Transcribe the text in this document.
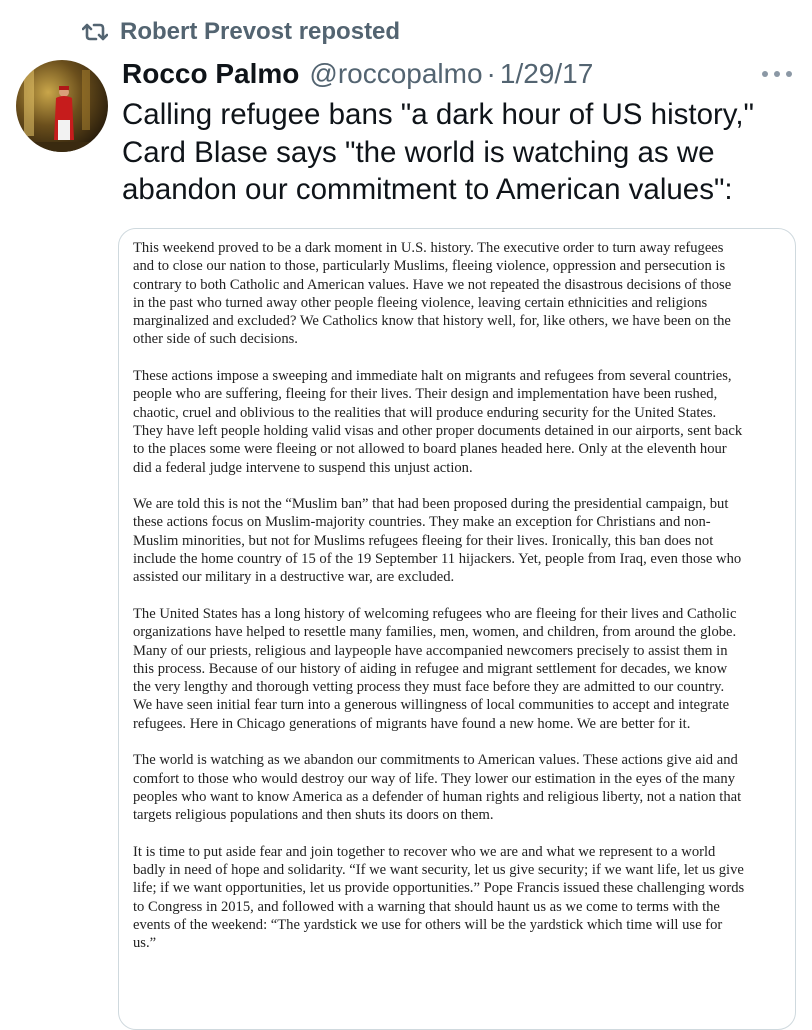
Robert Prevost reposted
Rocco Palmo @roccopalmo · 1/29/17
Calling refugee bans "a dark hour of US history,"
Card Blase says "the world is watching as we
abandon our commitment to American values":

This weekend proved to be a dark moment in U.S. history. The executive order to turn away refugees
and to close our nation to those, particularly Muslims, fleeing violence, oppression and persecution is
contrary to both Catholic and American values. Have we not repeated the disastrous decisions of those
in the past who turned away other people fleeing violence, leaving certain ethnicities and religions
marginalized and excluded? We Catholics know that history well, for, like others, we have been on the
other side of such decisions.

These actions impose a sweeping and immediate halt on migrants and refugees from several countries,
people who are suffering, fleeing for their lives. Their design and implementation have been rushed,
chaotic, cruel and oblivious to the realities that will produce enduring security for the United States.
They have left people holding valid visas and other proper documents detained in our airports, sent back
to the places some were fleeing or not allowed to board planes headed here. Only at the eleventh hour
did a federal judge intervene to suspend this unjust action.

We are told this is not the “Muslim ban” that had been proposed during the presidential campaign, but
these actions focus on Muslim-majority countries. They make an exception for Christians and non-
Muslim minorities, but not for Muslims refugees fleeing for their lives. Ironically, this ban does not
include the home country of 15 of the 19 September 11 hijackers. Yet, people from Iraq, even those who
assisted our military in a destructive war, are excluded.

The United States has a long history of welcoming refugees who are fleeing for their lives and Catholic
organizations have helped to resettle many families, men, women, and children, from around the globe.
Many of our priests, religious and laypeople have accompanied newcomers precisely to assist them in
this process. Because of our history of aiding in refugee and migrant settlement for decades, we know
the very lengthy and thorough vetting process they must face before they are admitted to our country.
We have seen initial fear turn into a generous willingness of local communities to accept and integrate
refugees. Here in Chicago generations of migrants have found a new home. We are better for it.

The world is watching as we abandon our commitments to American values. These actions give aid and
comfort to those who would destroy our way of life. They lower our estimation in the eyes of the many
peoples who want to know America as a defender of human rights and religious liberty, not a nation that
targets religious populations and then shuts its doors on them.

It is time to put aside fear and join together to recover who we are and what we represent to a world
badly in need of hope and solidarity. “If we want security, let us give security; if we want life, let us give
life; if we want opportunities, let us provide opportunities.” Pope Francis issued these challenging words
to Congress in 2015, and followed with a warning that should haunt us as we come to terms with the
events of the weekend: “The yardstick we use for others will be the yardstick which time will use for
us.”
